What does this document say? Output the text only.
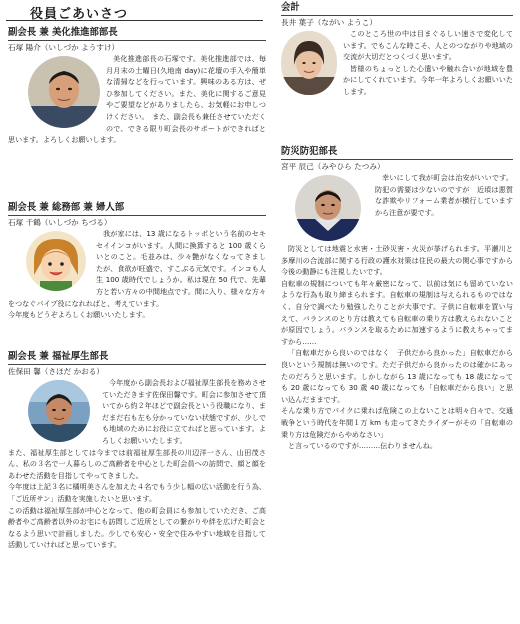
役員ごあいさつ
副会長 兼 美化推進部部長
石塚 陽介（いしづか ようすけ）
美化推進部長の石塚です。美化推進部では、毎月月末の土曜日(久地南 day)に花壇の手入や簡単な清掃などを行っています。興味のある方は、ぜひ参加してください。また、美化に関するご意見やご要望などがありましたら、お気軽にお申しつけください。　また、副会長も兼任させていただくので、できる限り町会長のサポートができればと思います。よろしくお願いします。
副会長 兼 総務部 兼 婦人部
石塚 千鶴（いしづか ちづる）
我が家には、13 歳になるトッポという名前のセキセイインコがいます。人間に換算すると 100 歳くらいとのこと。毛並みは、少々艶がなくなってきましたが、食欲が旺盛で、すこぶる元気です。インコも人生 100 歳時代でしょうか。私は現在 50 代で、先輩方と若い方々の中間地点です。間に入り、様々な方々をつなぐパイプ役になれればと、考えています。
今年度もどうぞよろしくお願いいたします。
副会長 兼 福祉厚生部長
佐保田 馨（さほだ かおる）
今年度から副会長および福祉厚生部長を務めさせていただきます佐保田馨です。町会に参加させて頂いてから約２年ほどで副会長という役職になり、まだまだ右も左も分かっていない状態ですが、少しでも地域のためにお役に立てればと思っています。よろしくお願いいたします。
また、福祉厚生部としては今までは前福祉厚生部長の川辺洋一さん、山田茂さん、私の３名で一人暮らしのご高齢者を中心とした町会員への訪問で、顔と顔をあわせた活動を目指してやってきました。
今年度は上記３名に橘明美さんを加えた４名でもう少し幅の広い活動を行う為、「ご近所サン」活動を実施したいと思います。
この活動は福祉厚生部が中心となって、他の町会員にも参加していただき、ご高齢者やご高齢者以外のお宅にも訪問しご近所としての繋がりや絆を広げた町会となるよう思いで計画しました。少しでも安心・安全で住みやすい地域を目指して活動していければと思っています。
会計
長井 葉子（ながい ようこ）
このところ世の中は目まぐるしい速さで変化しています。でもこんな時こそ、人とのつながりや地域の交流が大切だとつくづく思います。
皆様のちょっとした心遣いや触れ合いが地域を豊かにしてくれています。今年一年よろしくお願いいたします。
防災防犯部長
宮平 辰己（みやひら たつみ）
幸いにして我が町会は治安がいいです。防犯の需要は少ないのですが　近頃は悪質な詐欺やリフォーム業者が横行していますから注意が要です。
防災としては地震と水害・土砂災害・火災が挙げられます。平瀬川と多摩川の合流部に関する行政の護水対策は住民の最大の関心事ですから今後の動静にも注視したいです。
自転車の規制についても年々厳密になって、以前は気にも留めていないような行為も取り締まられます。自転車の規制は与えられるものではなく、自分で調べたり勉強したりことが大事です。子供に自転車を買い与えて、バランスのとり方は教えても自転車の乗り方は教えられないことが原因でしょう。バランスを取るために加速するように教えちゃってますから……
「自転車だから良いのではなく　子供だから良かった」自転車だから良いという規制は無いのです。ただ子供だから良かったのは確かにあったのだろうと思います。しかしながら 13 歳になっても 18 歳になっても 20 歳になっても 30 歳 40 歳になっても「自転車だから良い」と思い込んだままです。
そんな乗り方でバイクに乗れば危険この上ないことは明々白々で、交通戦争という時代を年間１万 km も走ってきたライダーがその「自転車の乗り方は危険だからやめなさい」
と言っているのですが………伝わりませんね。
